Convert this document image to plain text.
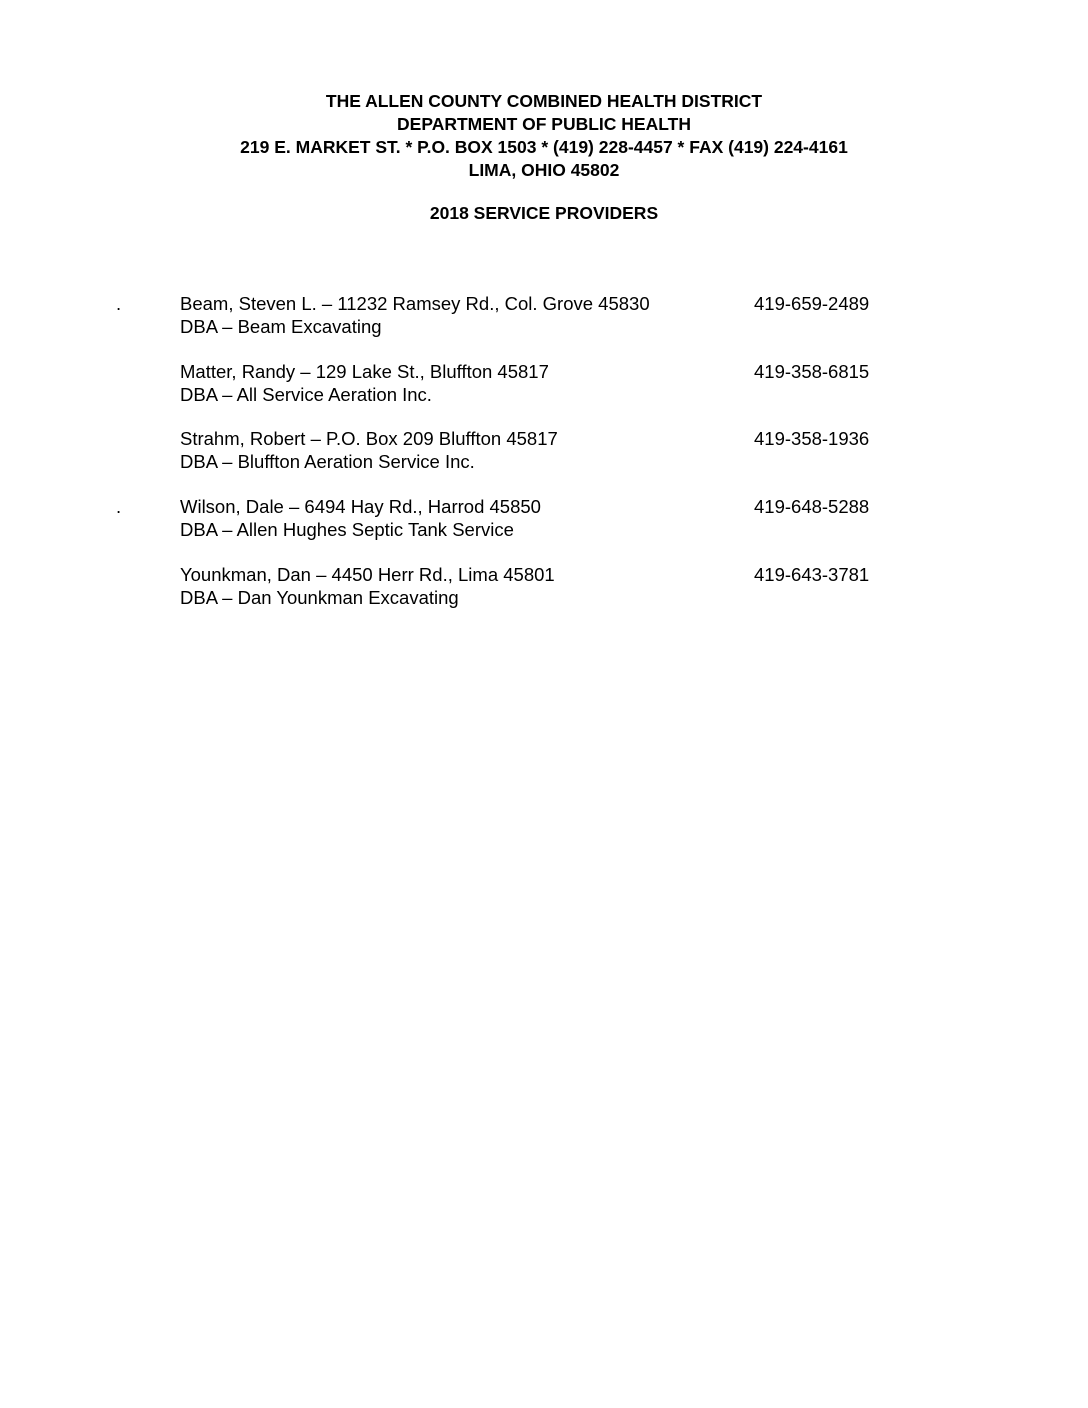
THE ALLEN COUNTY COMBINED HEALTH DISTRICT
DEPARTMENT OF PUBLIC HEALTH
219 E. MARKET ST. * P.O. BOX 1503 * (419) 228-4457 * FAX (419) 224-4161
LIMA, OHIO 45802
2018 SERVICE PROVIDERS
.	Beam, Steven L. – 11232 Ramsey Rd., Col. Grove 45830
DBA – Beam Excavating
419-659-2489
Matter, Randy – 129 Lake St., Bluffton 45817
DBA – All Service Aeration Inc.
419-358-6815
Strahm, Robert – P.O. Box 209 Bluffton 45817
DBA – Bluffton Aeration Service Inc.
419-358-1936
.	Wilson, Dale – 6494 Hay Rd., Harrod 45850
DBA – Allen Hughes Septic Tank Service
419-648-5288
Younkman, Dan – 4450 Herr Rd., Lima 45801
DBA – Dan Younkman Excavating
419-643-3781
